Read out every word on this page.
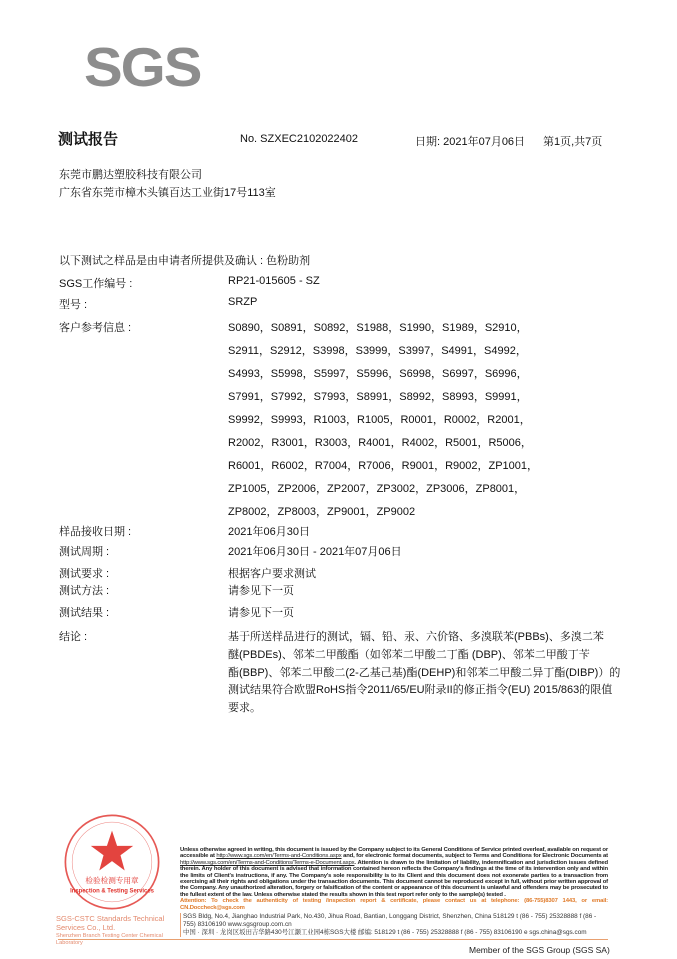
SGS
测试报告	No. SZXEC2102022402	日期: 2021年07月06日 第1页,共7页
东莞市鹏达塑胶科技有限公司
广东省东莞市樟木头镇百达工业街17号113室
以下测试之样品是由申请者所提供及确认 : 色粉助剂
SGS工作编号 :	RP21-015605 - SZ
型号 :	SRZP
客户参考信息 :	S0890，S0891，S0892，S1988，S1990，S1989，S2910，
S2911，S2912，S3998，S3999，S3997，S4991，S4992，
S4993，S5998，S5997，S5996，S6998，S6997，S6996，
S7991，S7992，S7993，S8991，S8992，S8993，S9991，
S9992，S9993，R1003，R1005，R0001，R0002，R2001，
R2002，R3001，R3003，R4001，R4002，R5001，R5006，
R6001，R6002，R7004，R7006，R9001，R9002，ZP1001，
ZP1005，ZP2006，ZP2007，ZP3002，ZP3006，ZP8001，
ZP8002，ZP8003，ZP9001，ZP9002
样品接收日期 :	2021年06月30日
测试周期 :	2021年06月30日 - 2021年07月06日
测试要求 :	根据客户要求测试
测试方法 :	请参见下一页
测试结果 :	请参见下一页
结论 :	基于所送样品进行的测试，镉、铅、汞、六价铬、多溴联苯(PBBs)、多溴二苯
醚(PBDEs)、邻苯二甲酸酯（如邻苯二甲酸二丁酯 (DBP)、邻苯二甲酸丁苄
酯(BBP)、邻苯二甲酸二(2-乙基己基)酯(DEHP)和邻苯二甲酸二异丁酯(DIBP)）的
测试结果符合欧盟RoHS指令2011/65/EU附录II的修正指令(EU) 2015/863的限值
要求。
检验检测专用章
Inspection & Testing Services
SGS-CSTC Standards Technical Services Co., Ltd.
Shenzhen Branch Testing Center Chemical Laboratory
Unless otherwise agreed in writing, this document is issued by the Company subject to its General Conditions of Service printed overleaf, available on request or accessible at http://www.sgs.com/en/Terms-and-Conditions.aspx and, for electronic format documents, subject to Terms and Conditions for Electronic Documents at http://www.sgs.com/en/Terms-and-Conditions/Terms-e-Document.aspx. Attention is drawn to the limitation of liability, indemnification and jurisdiction issues defined therein. Any holder of this document is advised that information contained hereon reflects the Company's findings at the time of its intervention only and within the limits of Client's instructions, if any. The Company's sole responsibility is to its Client and this document does not exonerate parties to a transaction from exercising all their rights and obligations under the transaction documents. This document cannot be reproduced except in full, without prior written approval of the Company. Any unauthorized alteration, forgery or falsification of the content or appearance of this document is unlawful and offenders may be prosecuted to the fullest extent of the law. Unless otherwise stated the results shown in this test report refer only to the sample(s) tested .
Attention: To check the authenticity of testing /inspection report & certificate, please contact us at telephone: (86-755)8307 1443, or email: CN.Doccheck@sgs.com
SGS Bldg, No.4, Jianghao Industrial Park, No.430, Jihua Road, Bantian, Longgang District, Shenzhen, China 518129 t (86 - 755) 25328888 f (86 - 755) 83106190 www.sgsgroup.com.cn
中国 · 深圳 · 龙岗区坂田吉华路430号江灏工业园4栋SGS大楼 邮编: 518129 t (86 - 755) 25328888 f (86 - 755) 83106190 e sgs.china@sgs.com
Member of the SGS Group (SGS SA)
